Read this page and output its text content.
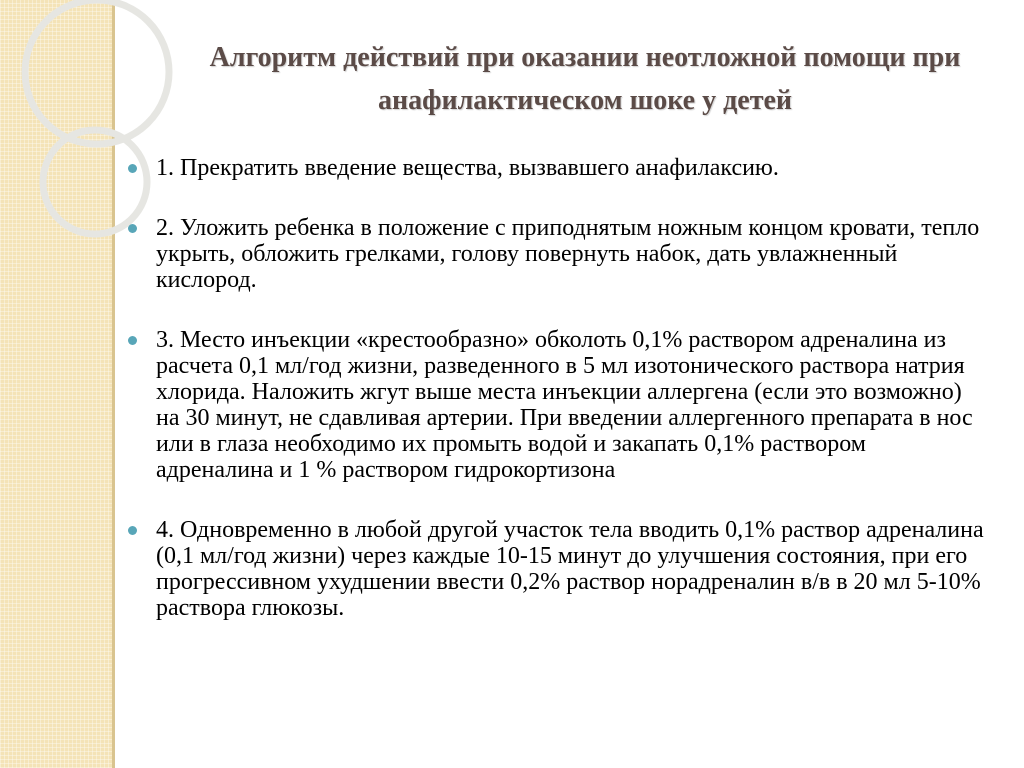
Алгоритм действий при оказании неотложной помощи при анафилактическом шоке у детей
1. Прекратить введение вещества, вызвавшего анафилаксию.
2. Уложить ребенка в положение с приподнятым ножным концом кровати, тепло укрыть, обложить грелками, голову повернуть набок, дать увлажненный кислород.
3. Место инъекции «крестообразно» обколоть 0,1% раствором адреналина из расчета 0,1 мл/год жизни, разведенного в 5 мл изотонического раствора натрия хлорида. Наложить жгут выше места инъекции аллергена (если это возможно) на 30 минут, не сдавливая артерии. При введении аллергенного препарата в нос или в глаза необходимо их промыть водой и закапать 0,1% раствором адреналина и 1 % раствором гидрокортизона
4. Одновременно в любой другой участок тела вводить 0,1% раствор адреналина (0,1 мл/год жизни) через каждые 10-15 минут до улучшения состояния, при его прогрессивном ухудшении ввести 0,2% раствор норадреналин в/в в 20 мл 5-10% раствора глюкозы.
